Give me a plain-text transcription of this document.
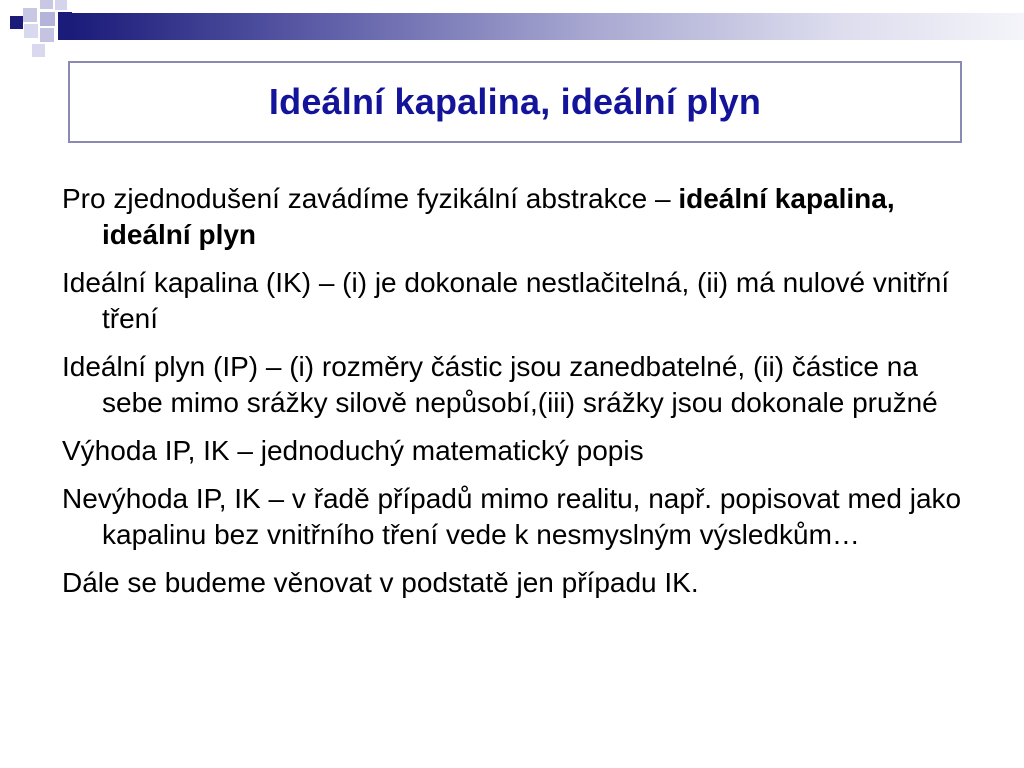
Ideální kapalina, ideální plyn
Pro zjednodušení zavádíme fyzikální abstrakce – ideální kapalina, ideální plyn
Ideální kapalina (IK) – (i) je dokonale nestlačitelná, (ii) má nulové vnitřní tření
Ideální plyn (IP) – (i) rozměry částic jsou zanedbatelné, (ii) částice na sebe mimo srážky silově nepůsobí,(iii) srážky jsou dokonale pružné
Výhoda IP, IK – jednoduchý matematický popis
Nevýhoda IP, IK – v řadě případů mimo realitu, např. popisovat med jako kapalinu bez vnitřního tření vede k nesmyslným výsledkům…
Dále se budeme věnovat v podstatě jen případu IK.
